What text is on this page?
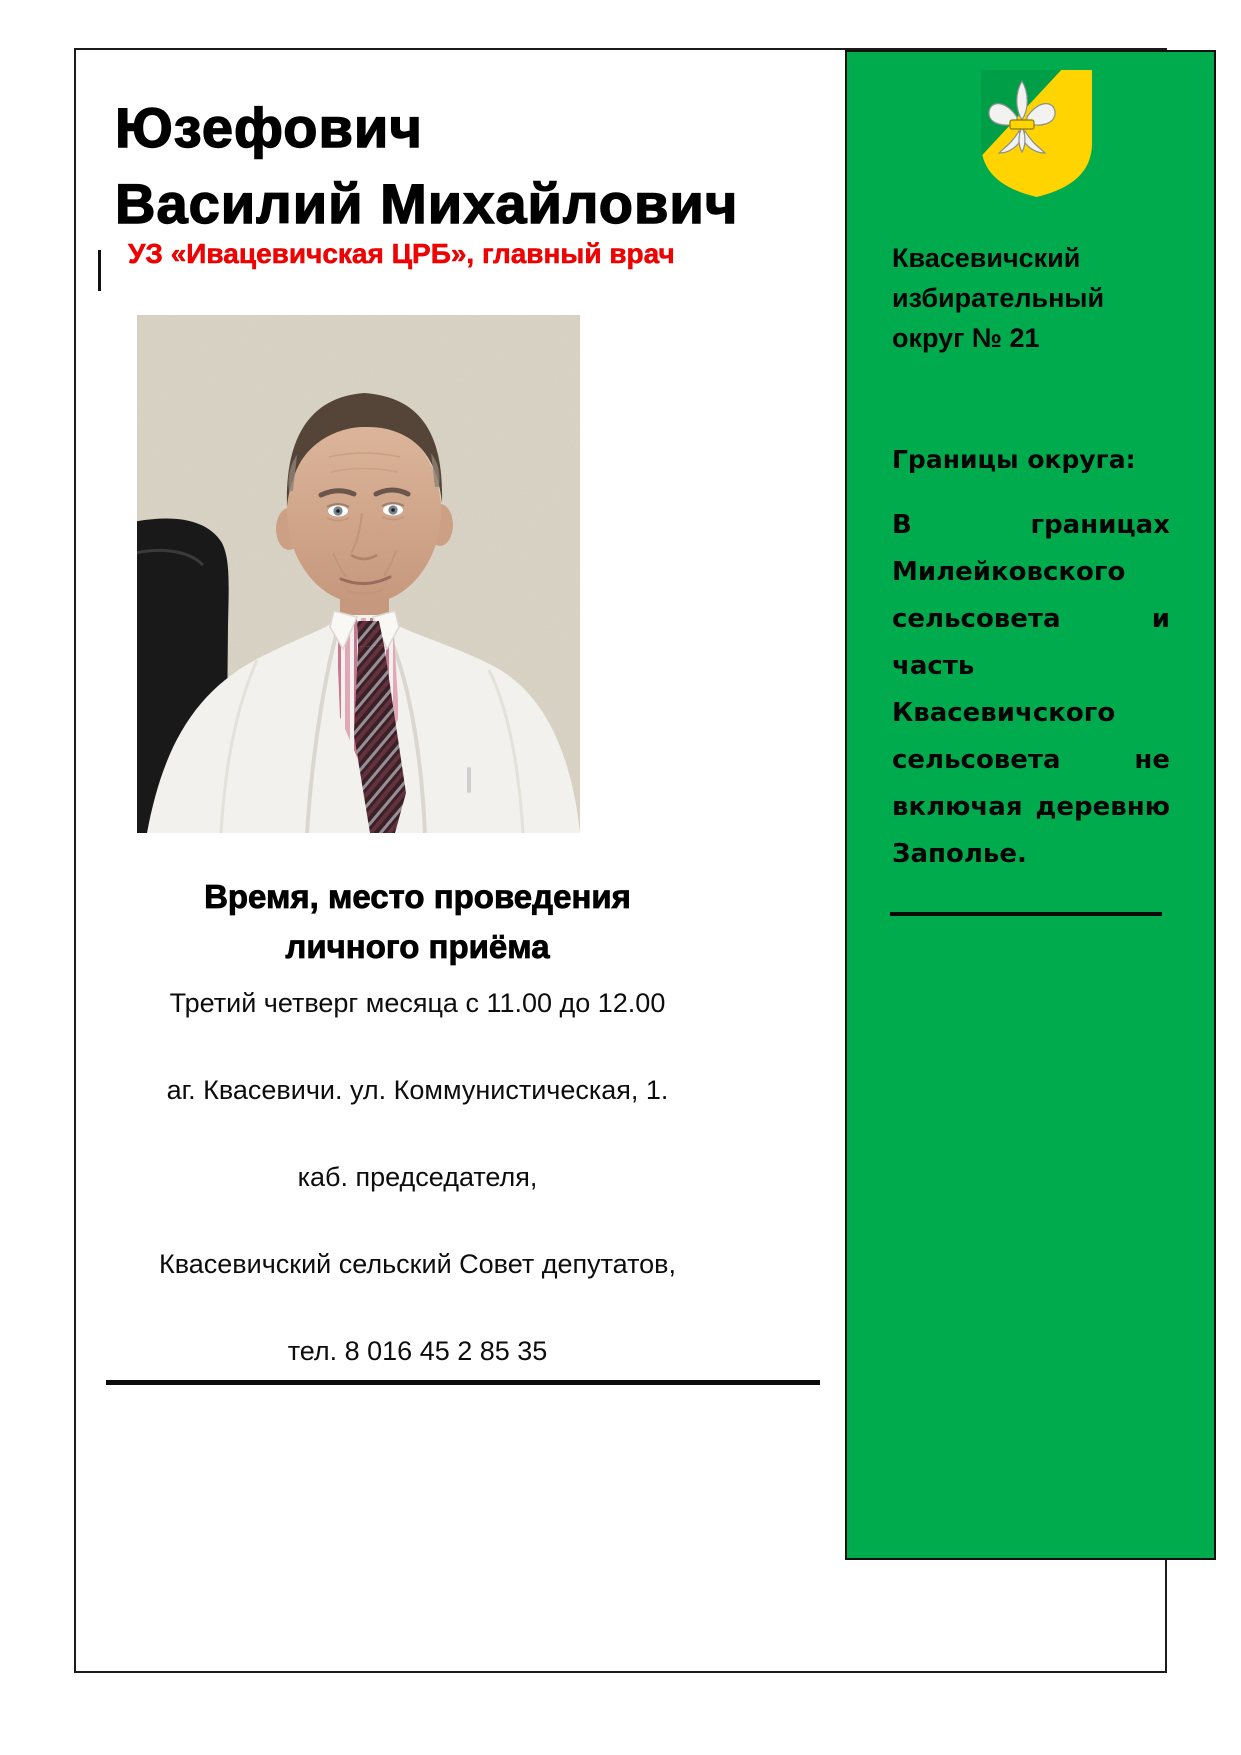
Юзефович
Василий Михайлович
УЗ «Ивацевичская ЦРБ», главный врач
Время, место проведения
личного приёма
Третий четверг месяца с 11.00 до 12.00
аг. Квасевичи. ул. Коммунистическая, 1.
каб. председателя,
Квасевичский сельский Совет депутатов,
тел. 8 016 45 2 85 35
Квасевичский избирательный округ № 21
Границы округа:
В	границах
Милейковского
сельсовета	и
часть
Квасевичского
сельсовета	не
включая деревню
Заполье.
